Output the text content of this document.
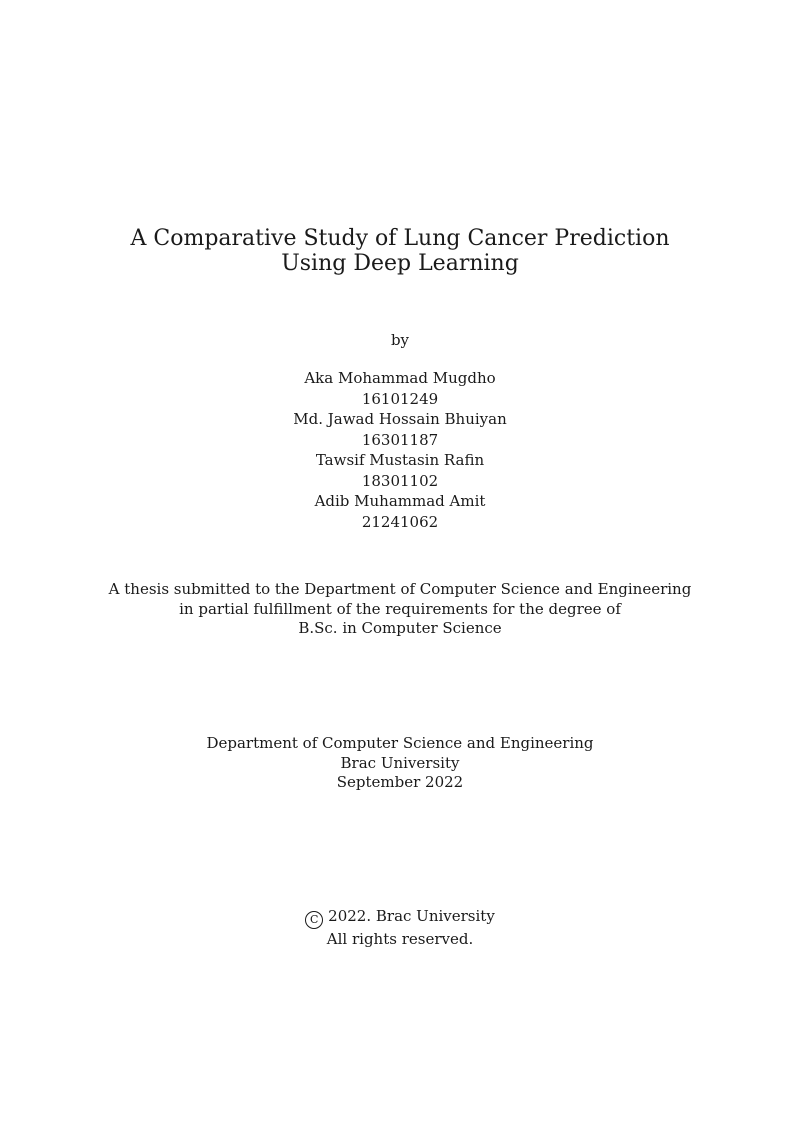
A Comparative Study of Lung Cancer Prediction Using Deep Learning
by
Aka Mohammad Mugdho
16101249
Md. Jawad Hossain Bhuiyan
16301187
Tawsif Mustasin Rafin
18301102
Adib Muhammad Amit
21241062
A thesis submitted to the Department of Computer Science and Engineering
in partial fulfillment of the requirements for the degree of
B.Sc. in Computer Science
Department of Computer Science and Engineering
Brac University
September 2022
C 2022. Brac University
All rights reserved.
